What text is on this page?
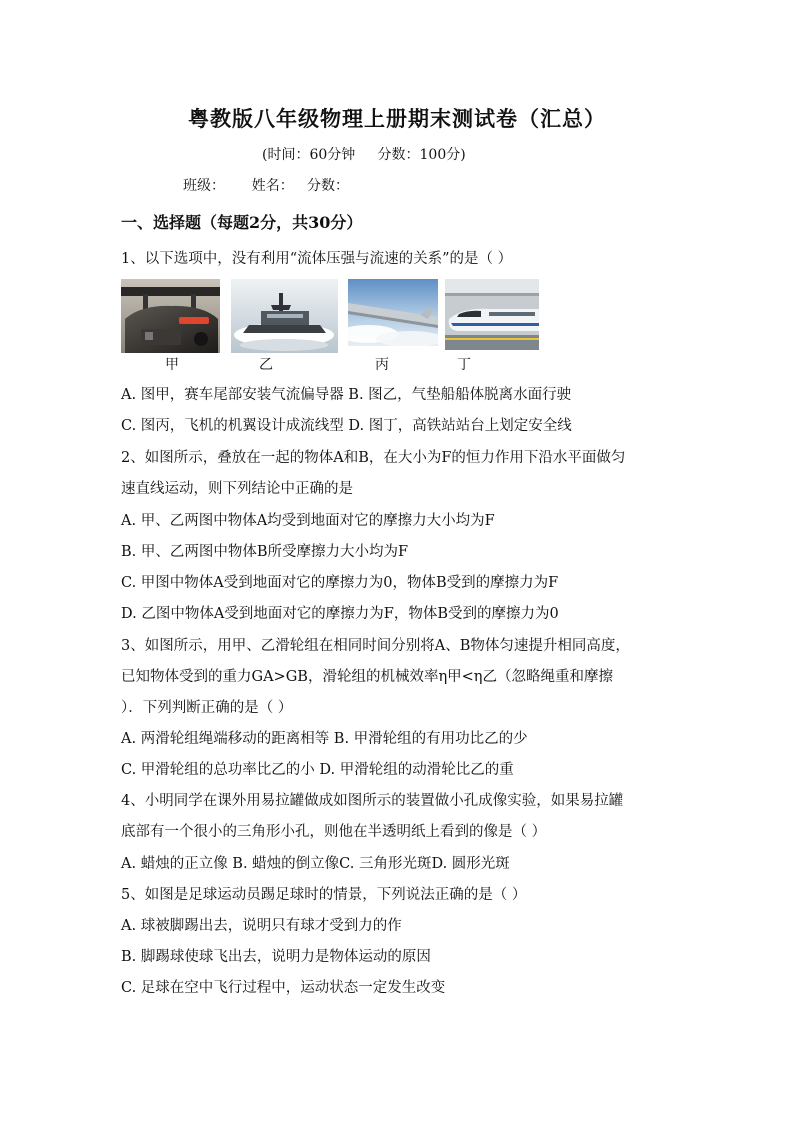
粤教版八年级物理上册期末测试卷（汇总）
(时间：60分钟     分数：100分)
班级：      姓名：   分数：
一、选择题（每题2分，共30分）
1、以下选项中，没有利用“流体压强与流速的关系”的是（ ）
甲	乙	丙	丁
A. 图甲，赛车尾部安装气流偏导器 B. 图乙，气垫船船体脱离水面行驶
C. 图丙，飞机的机翼设计成流线型 D. 图丁，高铁站站台上划定安全线
2、如图所示，叠放在一起的物体A和B，在大小为F的恒力作用下沿水平面做匀
速直线运动，则下列结论中正确的是
A. 甲、乙两图中物体A均受到地面对它的摩擦力大小均为F
B. 甲、乙两图中物体B所受摩擦力大小均为F
C. 甲图中物体A受到地面对它的摩擦力为0，物体B受到的摩擦力为F
D. 乙图中物体A受到地面对它的摩擦力为F，物体B受到的摩擦力为0
3、如图所示，用甲、乙滑轮组在相同时间分别将A、B物体匀速提升相同高度，
已知物体受到的重力GA>GB，滑轮组的机械效率η甲<η乙（忽略绳重和摩擦
）．下列判断正确的是（ ）
A. 两滑轮组绳端移动的距离相等 B. 甲滑轮组的有用功比乙的少
C. 甲滑轮组的总功率比乙的小 D. 甲滑轮组的动滑轮比乙的重
4、小明同学在课外用易拉罐做成如图所示的装置做小孔成像实验，如果易拉罐
底部有一个很小的三角形小孔，则他在半透明纸上看到的像是（ ）
A. 蜡烛的正立像 B. 蜡烛的倒立像C. 三角形光斑D. 圆形光斑
5、如图是足球运动员踢足球时的情景，下列说法正确的是（ ）
A. 球被脚踢出去，说明只有球才受到力的作
B. 脚踢球使球飞出去，说明力是物体运动的原因
C. 足球在空中飞行过程中，运动状态一定发生改变
